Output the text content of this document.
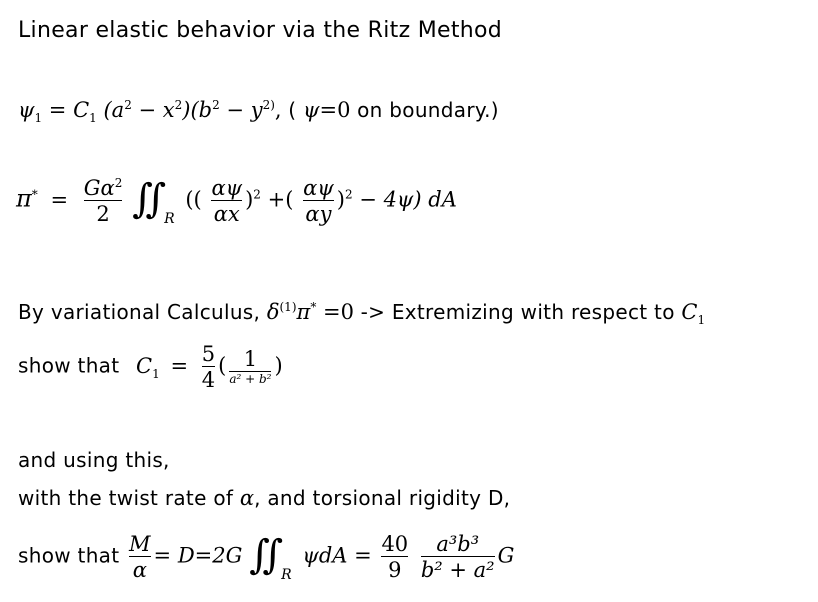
Linear elastic behavior via the Ritz Method
$\psi_1 = C_1$ $(a^2 - x^2)(b^2 - y^{2)}$, ( ψ=0 on boundary.)
$\pi^* = \frac{G\alpha^2}{2}$ $∬_R$ (( $\frac{\alpha\psi}{\alpha x} )^2$ +( $\frac{\alpha\psi}{\alpha y} )^2 - 4\psi$) dA
By variational Calculus, $\delta^{(1)}\pi^* =0$ -> Extremizing with respect to $C_1$
show that $C_1 = \frac{5}{4}$ ( $\frac{1}{\text{a² + b²}}$ )
and using this,
with the twist rate of α, and torsional rigidity D,
show that $\frac{M}{\alpha} = D=2G$ $∬_R$ $\psi dA = \frac{40}{9}$
$\frac{\text{a³b³}}{\text{b² + a²}}$ G
